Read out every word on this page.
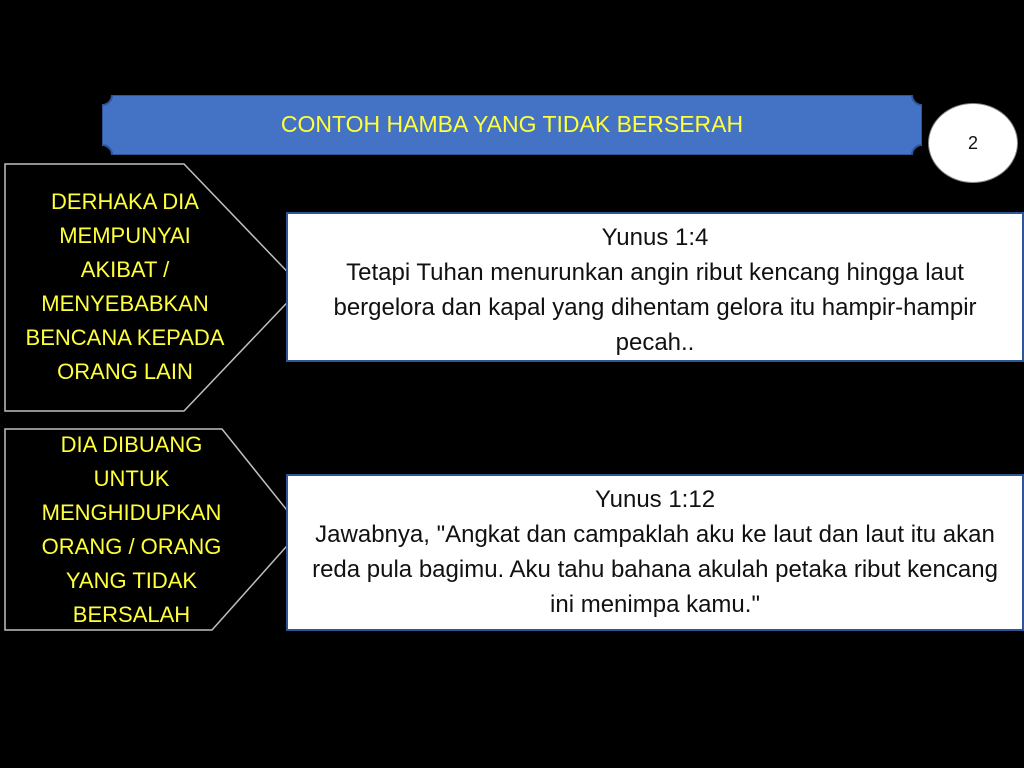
CONTOH HAMBA YANG TIDAK BERSERAH
2
DERHAKA DIA
MEMPUNYAI
AKIBAT /
MENYEBABKAN
BENCANA KEPADA
ORANG LAIN
Yunus 1:4
Tetapi Tuhan menurunkan angin ribut kencang hingga laut bergelora dan kapal yang dihentam gelora itu hampir-hampir pecah..
DIA DIBUANG
UNTUK
MENGHIDUPKAN
ORANG / ORANG
YANG TIDAK
BERSALAH
Yunus 1:12
Jawabnya, "Angkat dan campaklah aku ke laut dan laut itu akan reda pula bagimu. Aku tahu bahana akulah petaka ribut kencang ini menimpa kamu."
